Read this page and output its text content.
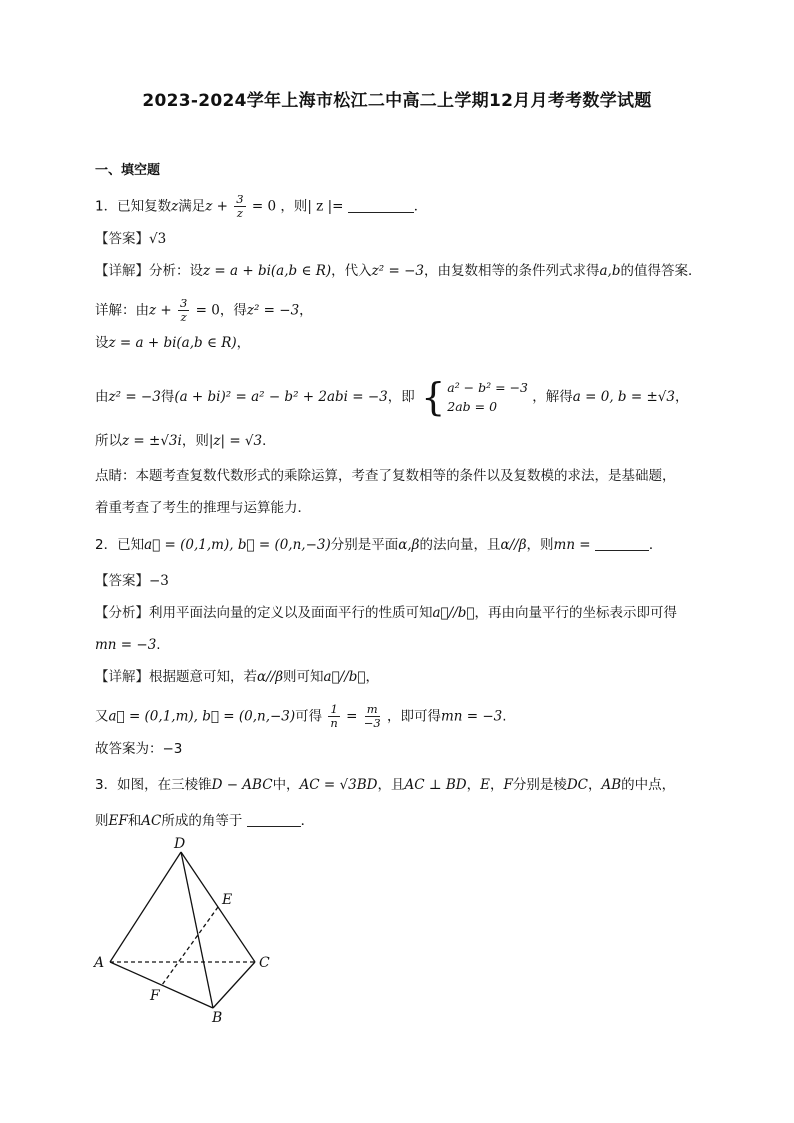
2023-2024学年上海市松江二中高二上学期12月月考考数学试题
一、填空题
1．已知复数z满足$z + \frac{3}{z} = 0$ ，则| z |=	．
【答案】√3
【详解】分析：设z = a + bi(a,b ∈ R)，代入z² = −3，由复数相等的条件列式求得a,b的值得答案．
详解：由$z + \frac{3}{z} = 0$，得z² = −3，
设z = a + bi(a,b ∈ R)，
由z² = −3得(a + bi)² = a² − b² + 2abi = −3，即 { a² − b² = −3
2ab = 0
，解得a = 0, b = ±√3，
所以z = ±√3i，则|z| = √3．
点睛：本题考查复数代数形式的乘除运算，考查了复数相等的条件以及复数模的求法，是基础题，
着重考查了考生的推理与运算能力．
2．已知a⃗ = (0,1,m), b⃗ = (0,n,−3)分别是平面α,β的法向量，且α//β，则mn =	．
【答案】−3
【分析】利用平面法向量的定义以及面面平行的性质可知a⃗//b⃗，再由向量平行的坐标表示即可得
mn = −3.
【详解】根据题意可知，若α//β则可知a⃗//b⃗，
又a⃗ = (0,1,m), b⃗ = (0,n,−3)可得 $\frac{1}{n} = \frac{m}{-3}$ ，即可得mn = −3.
故答案为：−3
3．如图，在三棱锥D − ABC中，AC = √3BD，且AC ⊥ BD，E，F分别是棱DC，AB的中点，
则EF和AC所成的角等于	．
D
E
A	C
F
B
